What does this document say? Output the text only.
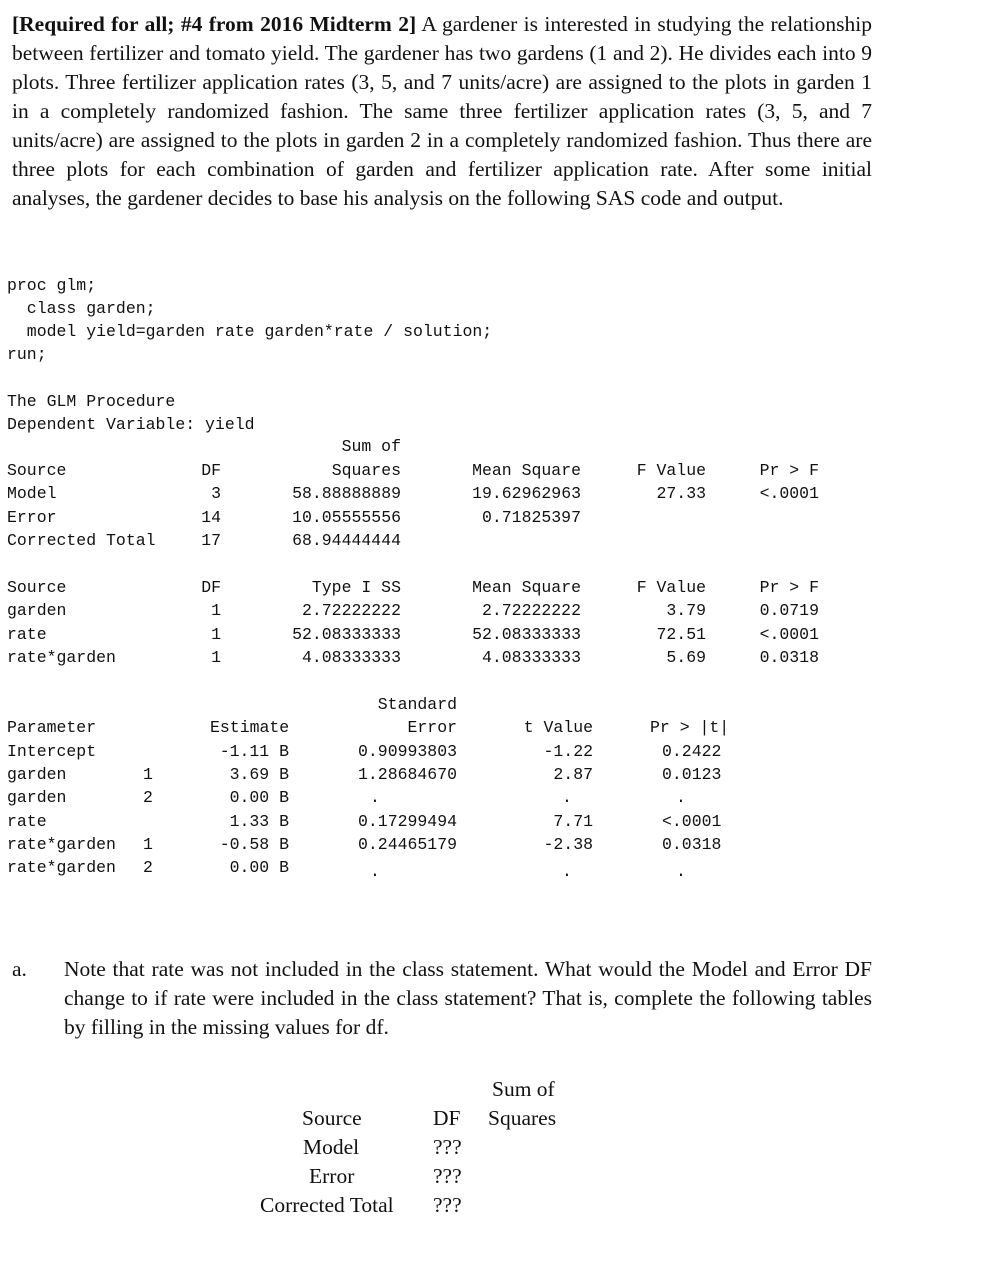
[Required for all; #4 from 2016 Midterm 2] A gardener is interested in studying the relationship between fertilizer and tomato yield. The gardener has two gardens (1 and 2). He divides each into 9 plots. Three fertilizer application rates (3, 5, and 7 units/acre) are assigned to the plots in garden 1 in a completely randomized fashion. The same three fertilizer application rates (3, 5, and 7 units/acre) are assigned to the plots in garden 2 in a completely randomized fashion. Thus there are three plots for each combination of garden and fertilizer application rate. After some initial analyses, the gardener decides to base his analysis on the following SAS code and output.
proc glm;
class garden;
model yield=garden rate garden*rate / solution;
run;
The GLM Procedure
Dependent Variable: yield
Sum of
Source	DF	Squares	Mean Square	F Value	Pr > F
Model	3	58.88888889	19.62962963	27.33	<.0001
Error	14	10.05555556	0.71825397
Corrected Total	17	68.94444444
Source	DF	Type I SS	Mean Square	F Value	Pr > F
garden	1	2.72222222	2.72222222	3.79	0.0719
rate	1	52.08333333	52.08333333	72.51	<.0001
rate*garden	1	4.08333333	4.08333333	5.69	0.0318
Standard
Parameter	Estimate	Error	t Value	Pr > |t|
Intercept	-1.11 B	0.90993803	-1.22	0.2422
garden	1	3.69 B	1.28684670	2.87	0.0123
garden	2	0.00 B	.	.	.
rate	1.33 B	0.17299494	7.71	<.0001
rate*garden 1	-0.58 B	0.24465179	-2.38	0.0318
rate*garden 2	0.00 B	.	.	.
a. Note that rate was not included in the class statement. What would the Model and Error DF change to if rate were included in the class statement? That is, complete the following tables by filling in the missing values for df.
Sum of
Source	DF Squares
Model	???
Error	???
Corrected Total ???
